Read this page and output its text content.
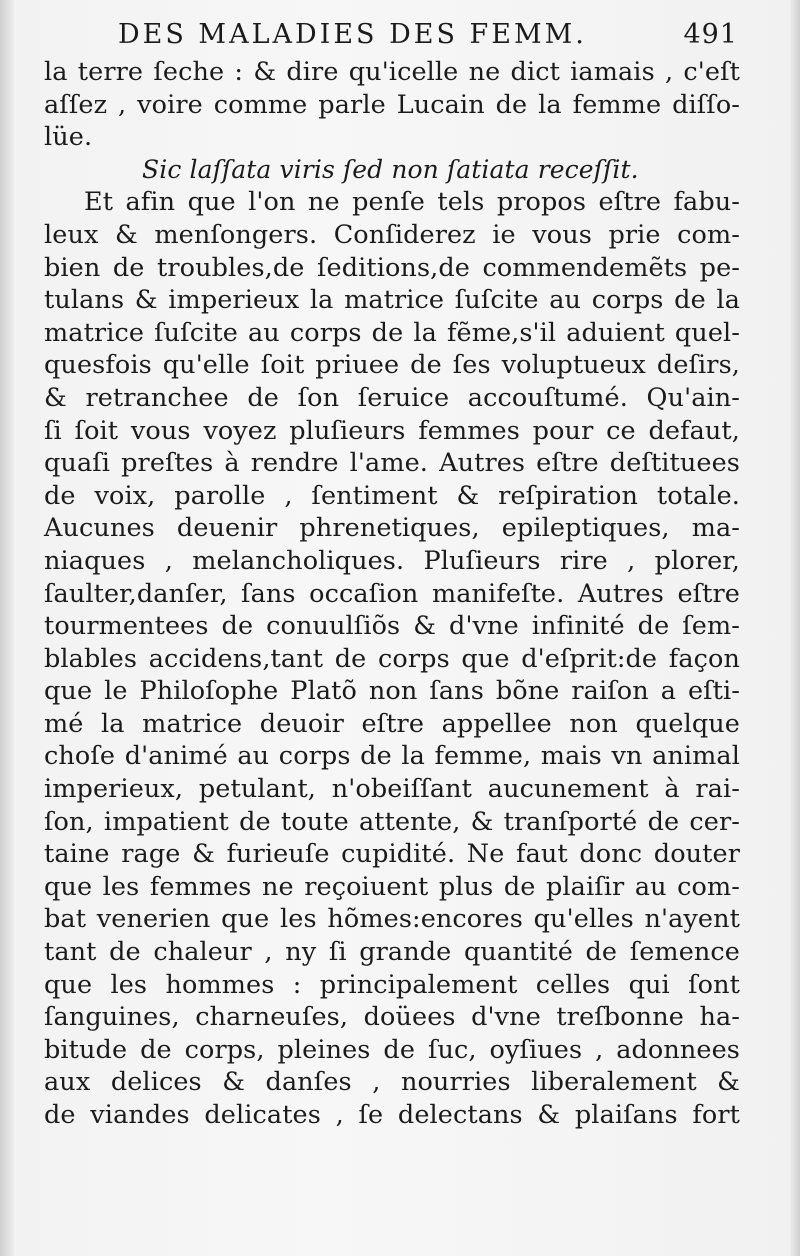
DES MALADIES DES FEMM.	491
la terre ſeche : & dire qu'icelle ne dict iamais , c'eſt
aſſez , voire comme parle Lucain de la femme diſſo-
lüe.
Sic laſſata viris ſed non ſatiata receſſit.
Et afin que l'on ne penſe tels propos eſtre fabu-
leux & menſongers. Conſiderez ie vous prie com-
bien de troubles,de ſeditions,de commendemẽts pe-
tulans & imperieux la matrice ſuſcite au corps de la
matrice ſuſcite au corps de la fẽme,s'il aduient quel-
quesfois qu'elle ſoit priuee de ſes voluptueux deſirs,
& retranchee de ſon ſeruice accouſtumé. Qu'ain-
ſi ſoit vous voyez pluſieurs femmes pour ce defaut,
quaſi preſtes à rendre l'ame. Autres eſtre deſtituees
de voix, parolle , ſentiment & reſpiration totale.
Aucunes deuenir phrenetiques, epileptiques, ma-
niaques , melancholiques. Pluſieurs rire , plorer,
ſaulter,danſer, ſans occaſion manifeſte. Autres eſtre
tourmentees de conuulſiõs & d'vne infinité de ſem-
blables accidens,tant de corps que d'eſprit:de façon
que le Philoſophe Platõ non ſans bõne raiſon a eſti-
mé la matrice deuoir eſtre appellee non quelque
choſe d'animé au corps de la femme, mais vn animal
imperieux, petulant, n'obeiſſant aucunement à rai-
ſon, impatient de toute attente, & tranſporté de cer-
taine rage & furieuſe cupidité. Ne faut donc douter
que les femmes ne reçoiuent plus de plaiſir au com-
bat venerien que les hõmes:encores qu'elles n'ayent
tant de chaleur , ny ſi grande quantité de ſemence
que les hommes : principalement celles qui ſont
ſanguines, charneuſes, doüees d'vne treſbonne ha-
bitude de corps, pleines de ſuc, oyſiues , adonnees
aux delices & danſes , nourries liberalement &
de viandes delicates , ſe delectans & plaiſans fort
